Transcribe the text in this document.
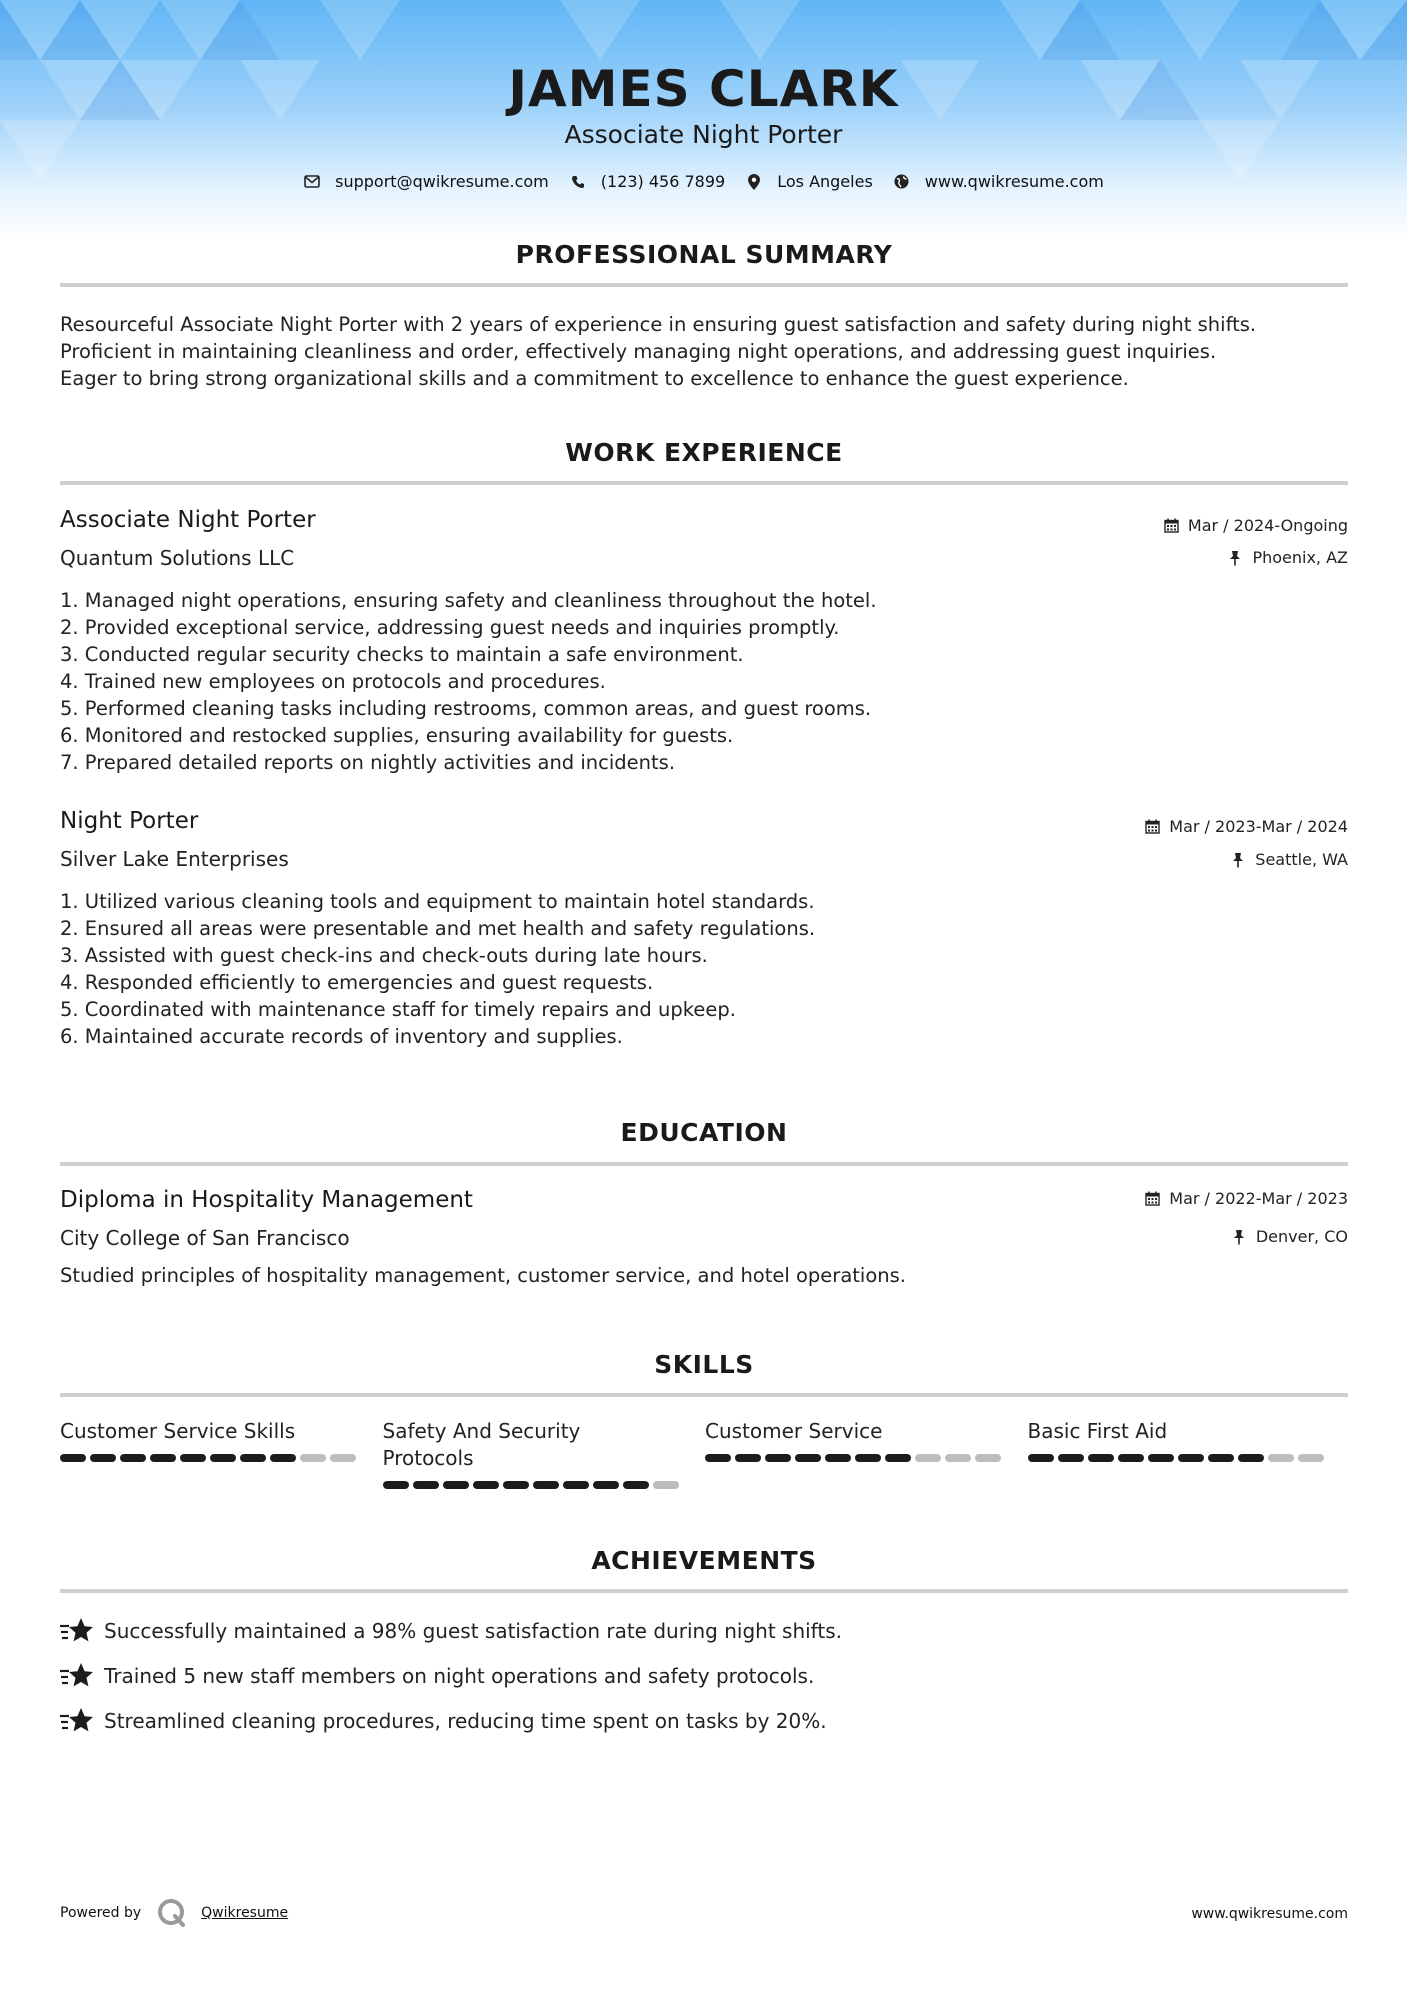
JAMES CLARK
Associate Night Porter
support@qwikresume.com	(123) 456 7899	Los Angeles	www.qwikresume.com
PROFESSIONAL SUMMARY
Resourceful Associate Night Porter with 2 years of experience in ensuring guest satisfaction and safety during night shifts.
Proficient in maintaining cleanliness and order, effectively managing night operations, and addressing guest inquiries.
Eager to bring strong organizational skills and a commitment to excellence to enhance the guest experience.
WORK EXPERIENCE
Associate Night Porter
Quantum Solutions LLC
Mar / 2024-Ongoing
Phoenix, AZ
1. Managed night operations, ensuring safety and cleanliness throughout the hotel.
2. Provided exceptional service, addressing guest needs and inquiries promptly.
3. Conducted regular security checks to maintain a safe environment.
4. Trained new employees on protocols and procedures.
5. Performed cleaning tasks including restrooms, common areas, and guest rooms.
6. Monitored and restocked supplies, ensuring availability for guests.
7. Prepared detailed reports on nightly activities and incidents.
Night Porter
Silver Lake Enterprises
Mar / 2023-Mar / 2024
Seattle, WA
1. Utilized various cleaning tools and equipment to maintain hotel standards.
2. Ensured all areas were presentable and met health and safety regulations.
3. Assisted with guest check-ins and check-outs during late hours.
4. Responded efficiently to emergencies and guest requests.
5. Coordinated with maintenance staff for timely repairs and upkeep.
6. Maintained accurate records of inventory and supplies.
EDUCATION
Diploma in Hospitality Management
City College of San Francisco
Mar / 2022-Mar / 2023
Denver, CO
Studied principles of hospitality management, customer service, and hotel operations.
SKILLS
Customer Service Skills	Safety And Security Protocols
Customer Service	Basic First Aid
ACHIEVEMENTS
Successfully maintained a 98% guest satisfaction rate during night shifts.
Trained 5 new staff members on night operations and safety protocols.
Streamlined cleaning procedures, reducing time spent on tasks by 20%.
Powered by	Qwikresume	www.qwikresume.com
